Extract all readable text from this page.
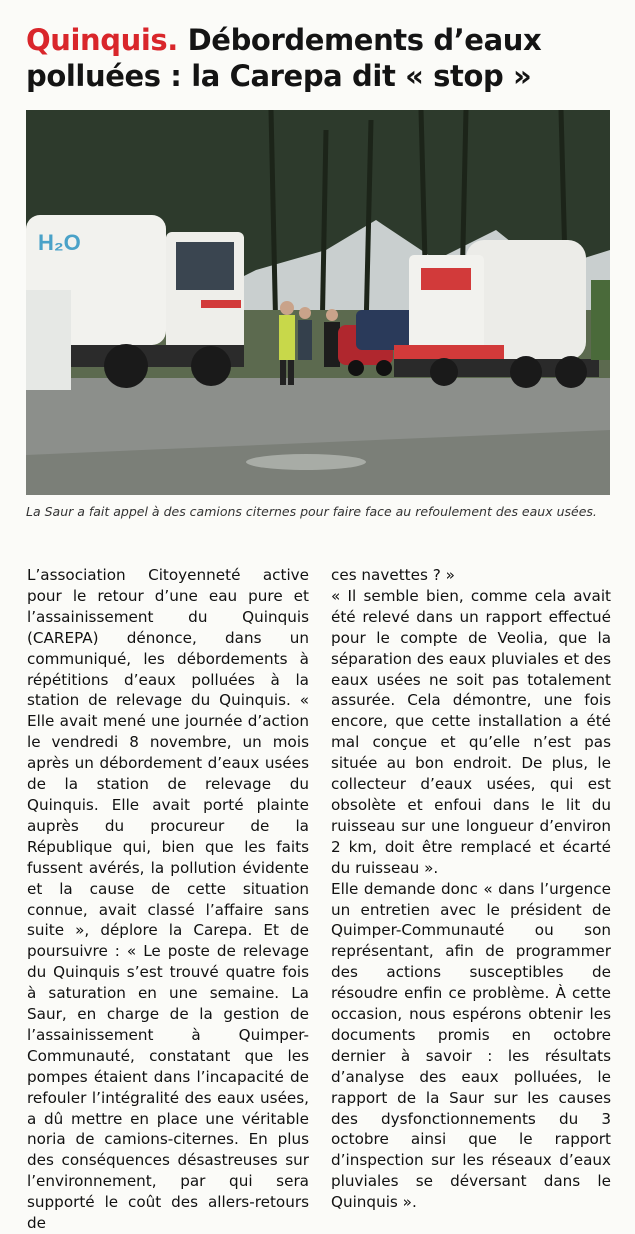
Quinquis. Débordements d’eaux polluées : la Carepa dit « stop »
H₂O

La Saur a fait appel à des camions citernes pour faire face au refoulement des eaux usées.

L’association Citoyenneté active pour le retour d’une eau pure et l’assainissement du Quinquis (CAREPA) dénonce, dans un communiqué, les débordements à répétitions d’eaux polluées à la station de relevage du Quinquis. « Elle avait mené une journée d’action le vendredi 8 novembre, un mois après un débordement d’eaux usées de la station de relevage du Quinquis. Elle avait porté plainte auprès du procureur de la République qui, bien que les faits fussent avérés, la pollution évidente et la cause de cette situation connue, avait classé l’affaire sans suite », déplore la Carepa. Et de poursuivre : « Le poste de relevage du Quinquis s’est trouvé quatre fois à saturation en une semaine. La Saur, en charge de la gestion de l’assainissement à Quimper-Communauté, constatant que les pompes étaient dans l’incapacité de refouler l’intégralité des eaux usées, a dû mettre en place une véritable noria de camions-citernes. En plus des conséquences désastreuses sur l’environnement, par qui sera supporté le coût des allers-retours de

ces navettes ? »

« Il semble bien, comme cela avait été relevé dans un rapport effectué pour le compte de Veolia, que la séparation des eaux pluviales et des eaux usées ne soit pas totalement assurée. Cela démontre, une fois encore, que cette installation a été mal conçue et qu’elle n’est pas située au bon endroit. De plus, le collecteur d’eaux usées, qui est obsolète et enfoui dans le lit du ruisseau sur une longueur d’environ 2 km, doit être remplacé et écarté du ruisseau ».

Elle demande donc « dans l’urgence un entretien avec le président de Quimper-Communauté ou son représentant, afin de programmer des actions susceptibles de résoudre enfin ce problème. À cette occasion, nous espérons obtenir les documents promis en octobre dernier à savoir : les résultats d’analyse des eaux polluées, le rapport de la Saur sur les causes des dysfonctionnements du 3 octobre ainsi que le rapport d’inspection sur les réseaux d’eaux pluviales se déversant dans le Quinquis ».
